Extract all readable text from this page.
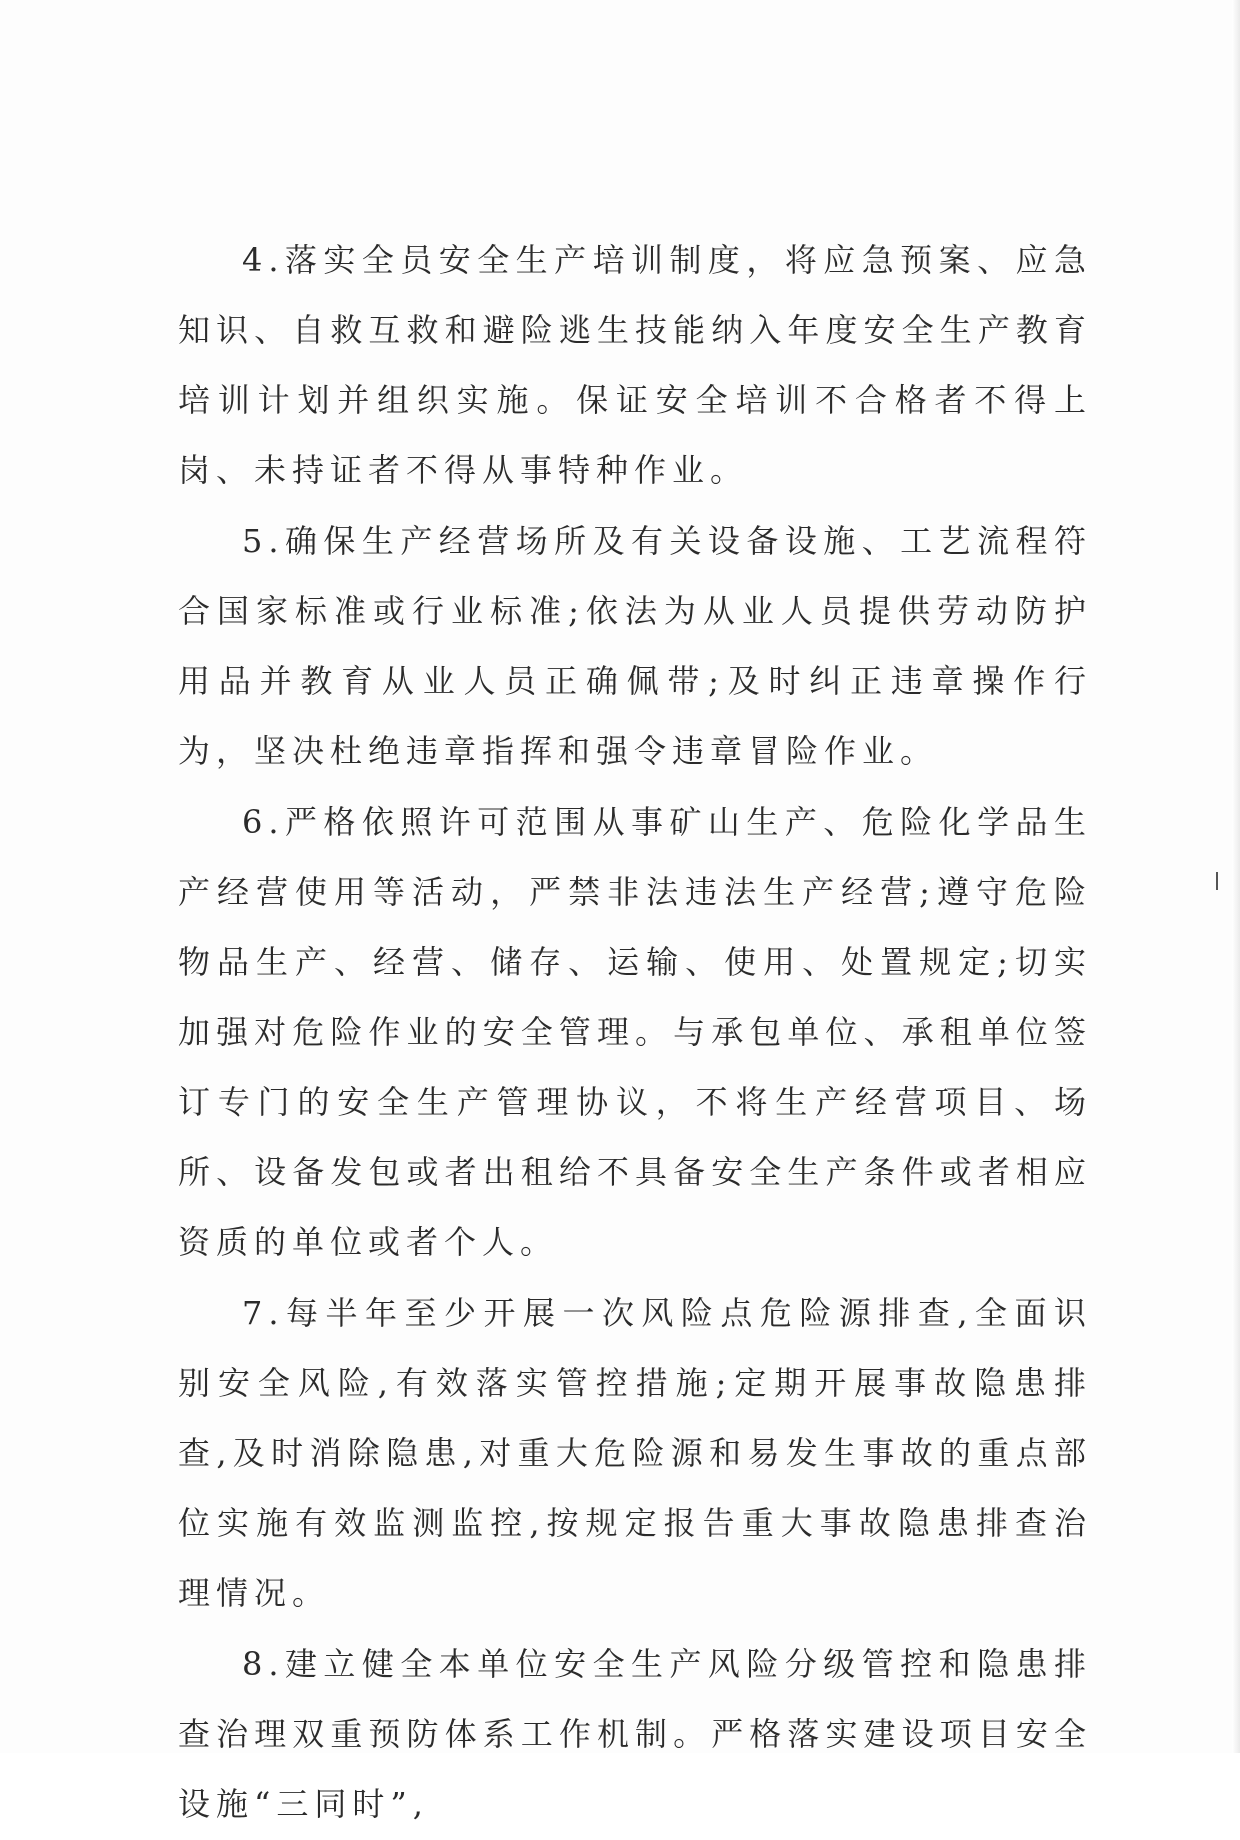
4.落实全员安全生产培训制度，将应急预案、应急知识、自救互救和避险逃生技能纳入年度安全生产教育培训计划并组织实施。保证安全培训不合格者不得上岗、未持证者不得从事特种作业。

5.确保生产经营场所及有关设备设施、工艺流程符合国家标准或行业标准;依法为从业人员提供劳动防护用品并教育从业人员正确佩带;及时纠正违章操作行为，坚决杜绝违章指挥和强令违章冒险作业。

6.严格依照许可范围从事矿山生产、危险化学品生产经营使用等活动，严禁非法违法生产经营;遵守危险物品生产、经营、储存、运输、使用、处置规定;切实加强对危险作业的安全管理。与承包单位、承租单位签订专门的安全生产管理协议，不将生产经营项目、场所、设备发包或者出租给不具备安全生产条件或者相应资质的单位或者个人。

7.每半年至少开展一次风险点危险源排查,全面识别安全风险,有效落实管控措施;定期开展事故隐患排查,及时消除隐患,对重大危险源和易发生事故的重点部位实施有效监测监控,按规定报告重大事故隐患排查治理情况。

8.建立健全本单位安全生产风险分级管控和隐患排查治理双重预防体系工作机制。严格落实建设项目安全设施“三同时”,
